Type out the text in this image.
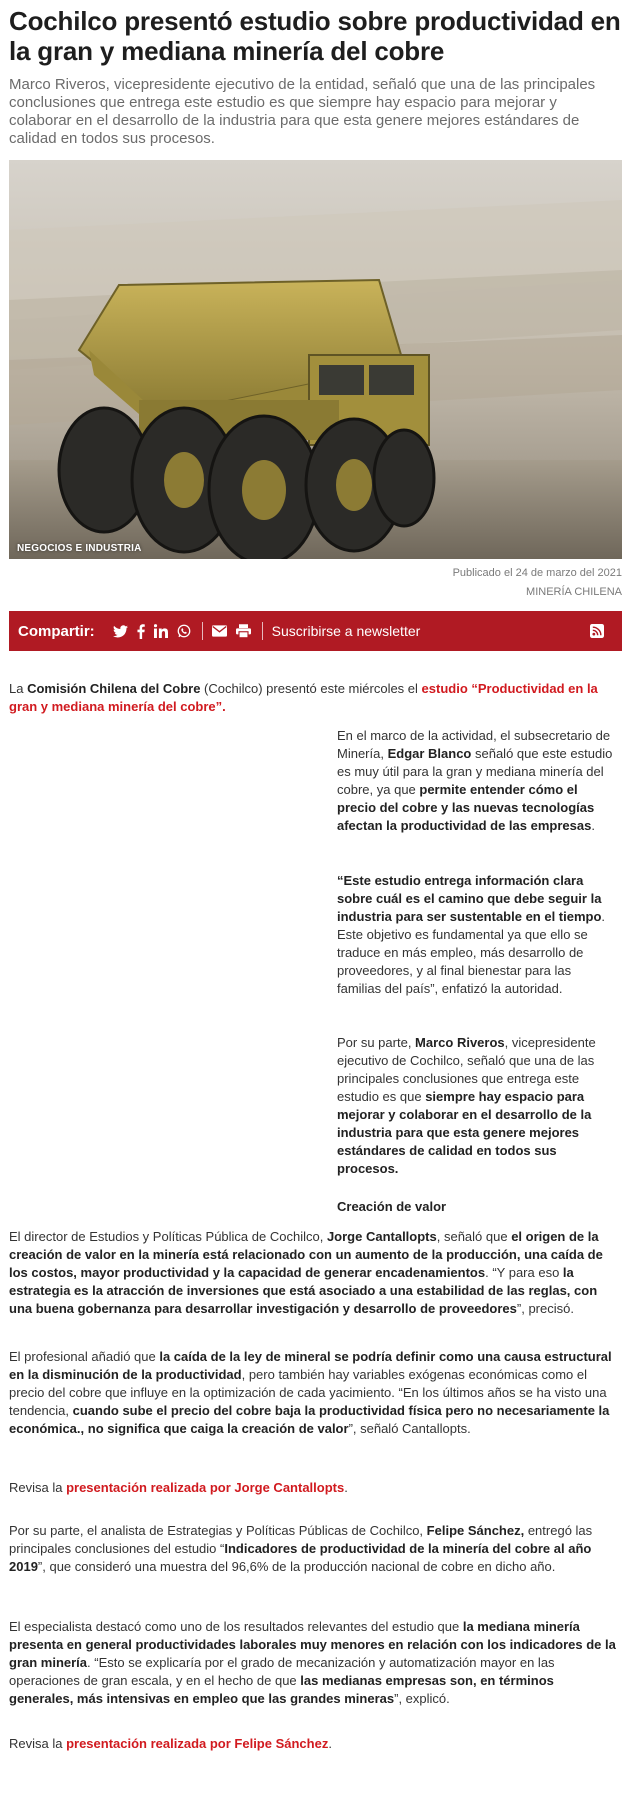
Cochilco presentó estudio sobre productividad en la gran y mediana minería del cobre

Marco Riveros, vicepresidente ejecutivo de la entidad, señaló que una de las principales conclusiones que entrega este estudio es que siempre hay espacio para mejorar y colaborar en el desarrollo de la industria para que esta genere mejores estándares de calidad en todos sus procesos.

NEGOCIOS E INDUSTRIA
Publicado el 24 de marzo del 2021
MINERÍA CHILENA
Compartir:	Suscribirse a newsletter

La Comisión Chilena del Cobre (Cochilco) presentó este miércoles el estudio “Productividad en la gran y mediana minería del cobre”.

En el marco de la actividad, el subsecretario de Minería, Edgar Blanco señaló que este estudio es muy útil para la gran y mediana minería del cobre, ya que permite entender cómo el precio del cobre y las nuevas tecnologías afectan la productividad de las empresas.

“Este estudio entrega información clara sobre cuál es el camino que debe seguir la industria para ser sustentable en el tiempo. Este objetivo es fundamental ya que ello se traduce en más empleo, más desarrollo de proveedores, y al final bienestar para las familias del país”, enfatizó la autoridad.

Por su parte, Marco Riveros, vicepresidente ejecutivo de Cochilco, señaló que una de las principales conclusiones que entrega este estudio es que siempre hay espacio para mejorar y colaborar en el desarrollo de la industria para que esta genere mejores estándares de calidad en todos sus procesos.

Creación de valor

El director de Estudios y Políticas Pública de Cochilco, Jorge Cantallopts, señaló que el origen de la creación de valor en la minería está relacionado con un aumento de la producción, una caída de los costos, mayor productividad y la capacidad de generar encadenamientos. “Y para eso la estrategia es la atracción de inversiones que está asociado a una estabilidad de las reglas, con una buena gobernanza para desarrollar investigación y desarrollo de proveedores”, precisó.

El profesional añadió que la caída de la ley de mineral se podría definir como una causa estructural en la disminución de la productividad, pero también hay variables exógenas económicas como el precio del cobre que influye en la optimización de cada yacimiento. “En los últimos años se ha visto una tendencia, cuando sube el precio del cobre baja la productividad física pero no necesariamente la económica., no significa que caiga la creación de valor”, señaló Cantallopts.

Revisa la presentación realizada por Jorge Cantallopts.

Por su parte, el analista de Estrategias y Políticas Públicas de Cochilco, Felipe Sánchez, entregó las principales conclusiones del estudio “Indicadores de productividad de la minería del cobre al año 2019”, que consideró una muestra del 96,6% de la producción nacional de cobre en dicho año.

El especialista destacó como uno de los resultados relevantes del estudio que la mediana minería presenta en general productividades laborales muy menores en relación con los indicadores de la gran minería. “Esto se explicaría por el grado de mecanización y automatización mayor en las operaciones de gran escala, y en el hecho de que las medianas empresas son, en términos generales, más intensivas en empleo que las grandes mineras”, explicó.

Revisa la presentación realizada por Felipe Sánchez.
